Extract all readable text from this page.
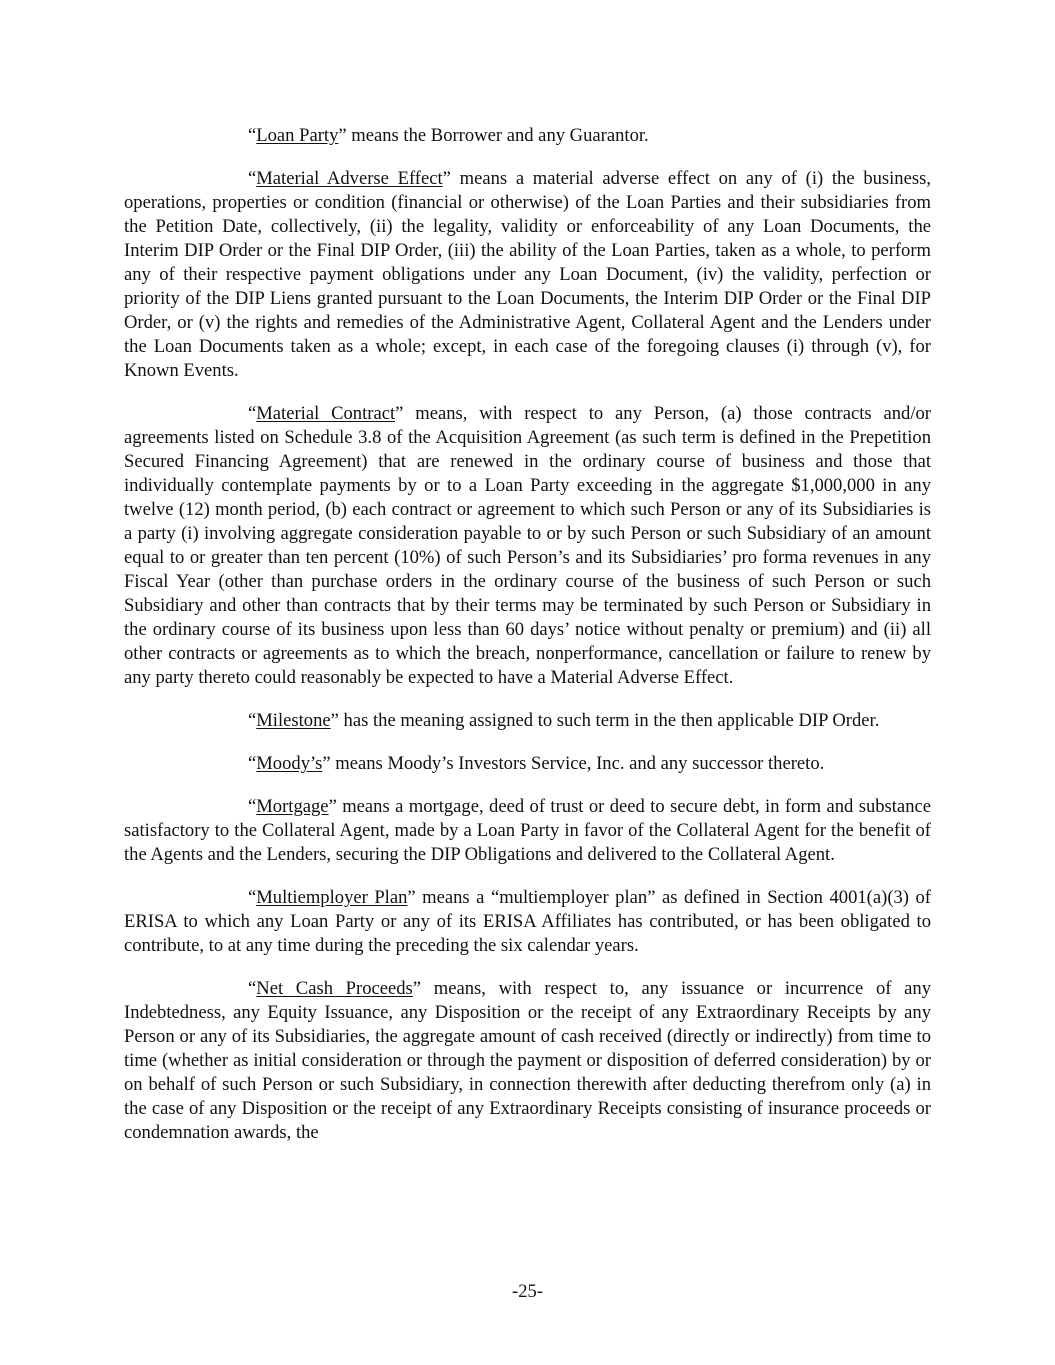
“Loan Party” means the Borrower and any Guarantor.

“Material Adverse Effect” means a material adverse effect on any of (i) the business, operations, properties or condition (financial or otherwise) of the Loan Parties and their subsidiaries from the Petition Date, collectively, (ii) the legality, validity or enforceability of any Loan Documents, the Interim DIP Order or the Final DIP Order, (iii) the ability of the Loan Parties, taken as a whole, to perform any of their respective payment obligations under any Loan Document, (iv) the validity, perfection or priority of the DIP Liens granted pursuant to the Loan Documents, the Interim DIP Order or the Final DIP Order, or (v) the rights and remedies of the Administrative Agent, Collateral Agent and the Lenders under the Loan Documents taken as a whole; except, in each case of the foregoing clauses (i) through (v), for Known Events.

“Material Contract” means, with respect to any Person, (a) those contracts and/or agreements listed on Schedule 3.8 of the Acquisition Agreement (as such term is defined in the Prepetition Secured Financing Agreement) that are renewed in the ordinary course of business and those that individually contemplate payments by or to a Loan Party exceeding in the aggregate $1,000,000 in any twelve (12) month period, (b) each contract or agreement to which such Person or any of its Subsidiaries is a party (i) involving aggregate consideration payable to or by such Person or such Subsidiary of an amount equal to or greater than ten percent (10%) of such Person’s and its Subsidiaries’ pro forma revenues in any Fiscal Year (other than purchase orders in the ordinary course of the business of such Person or such Subsidiary and other than contracts that by their terms may be terminated by such Person or Subsidiary in the ordinary course of its business upon less than 60 days’ notice without penalty or premium) and (ii) all other contracts or agreements as to which the breach, nonperformance, cancellation or failure to renew by any party thereto could reasonably be expected to have a Material Adverse Effect.

“Milestone” has the meaning assigned to such term in the then applicable DIP Order.

“Moody’s” means Moody’s Investors Service, Inc. and any successor thereto.

“Mortgage” means a mortgage, deed of trust or deed to secure debt, in form and substance satisfactory to the Collateral Agent, made by a Loan Party in favor of the Collateral Agent for the benefit of the Agents and the Lenders, securing the DIP Obligations and delivered to the Collateral Agent.

“Multiemployer Plan” means a “multiemployer plan” as defined in Section 4001(a)(3) of ERISA to which any Loan Party or any of its ERISA Affiliates has contributed, or has been obligated to contribute, to at any time during the preceding the six calendar years.

“Net Cash Proceeds” means, with respect to, any issuance or incurrence of any Indebtedness, any Equity Issuance, any Disposition or the receipt of any Extraordinary Receipts by any Person or any of its Subsidiaries, the aggregate amount of cash received (directly or indirectly) from time to time (whether as initial consideration or through the payment or disposition of deferred consideration) by or on behalf of such Person or such Subsidiary, in connection therewith after deducting therefrom only (a) in the case of any Disposition or the receipt of any Extraordinary Receipts consisting of insurance proceeds or condemnation awards, the

-25-
